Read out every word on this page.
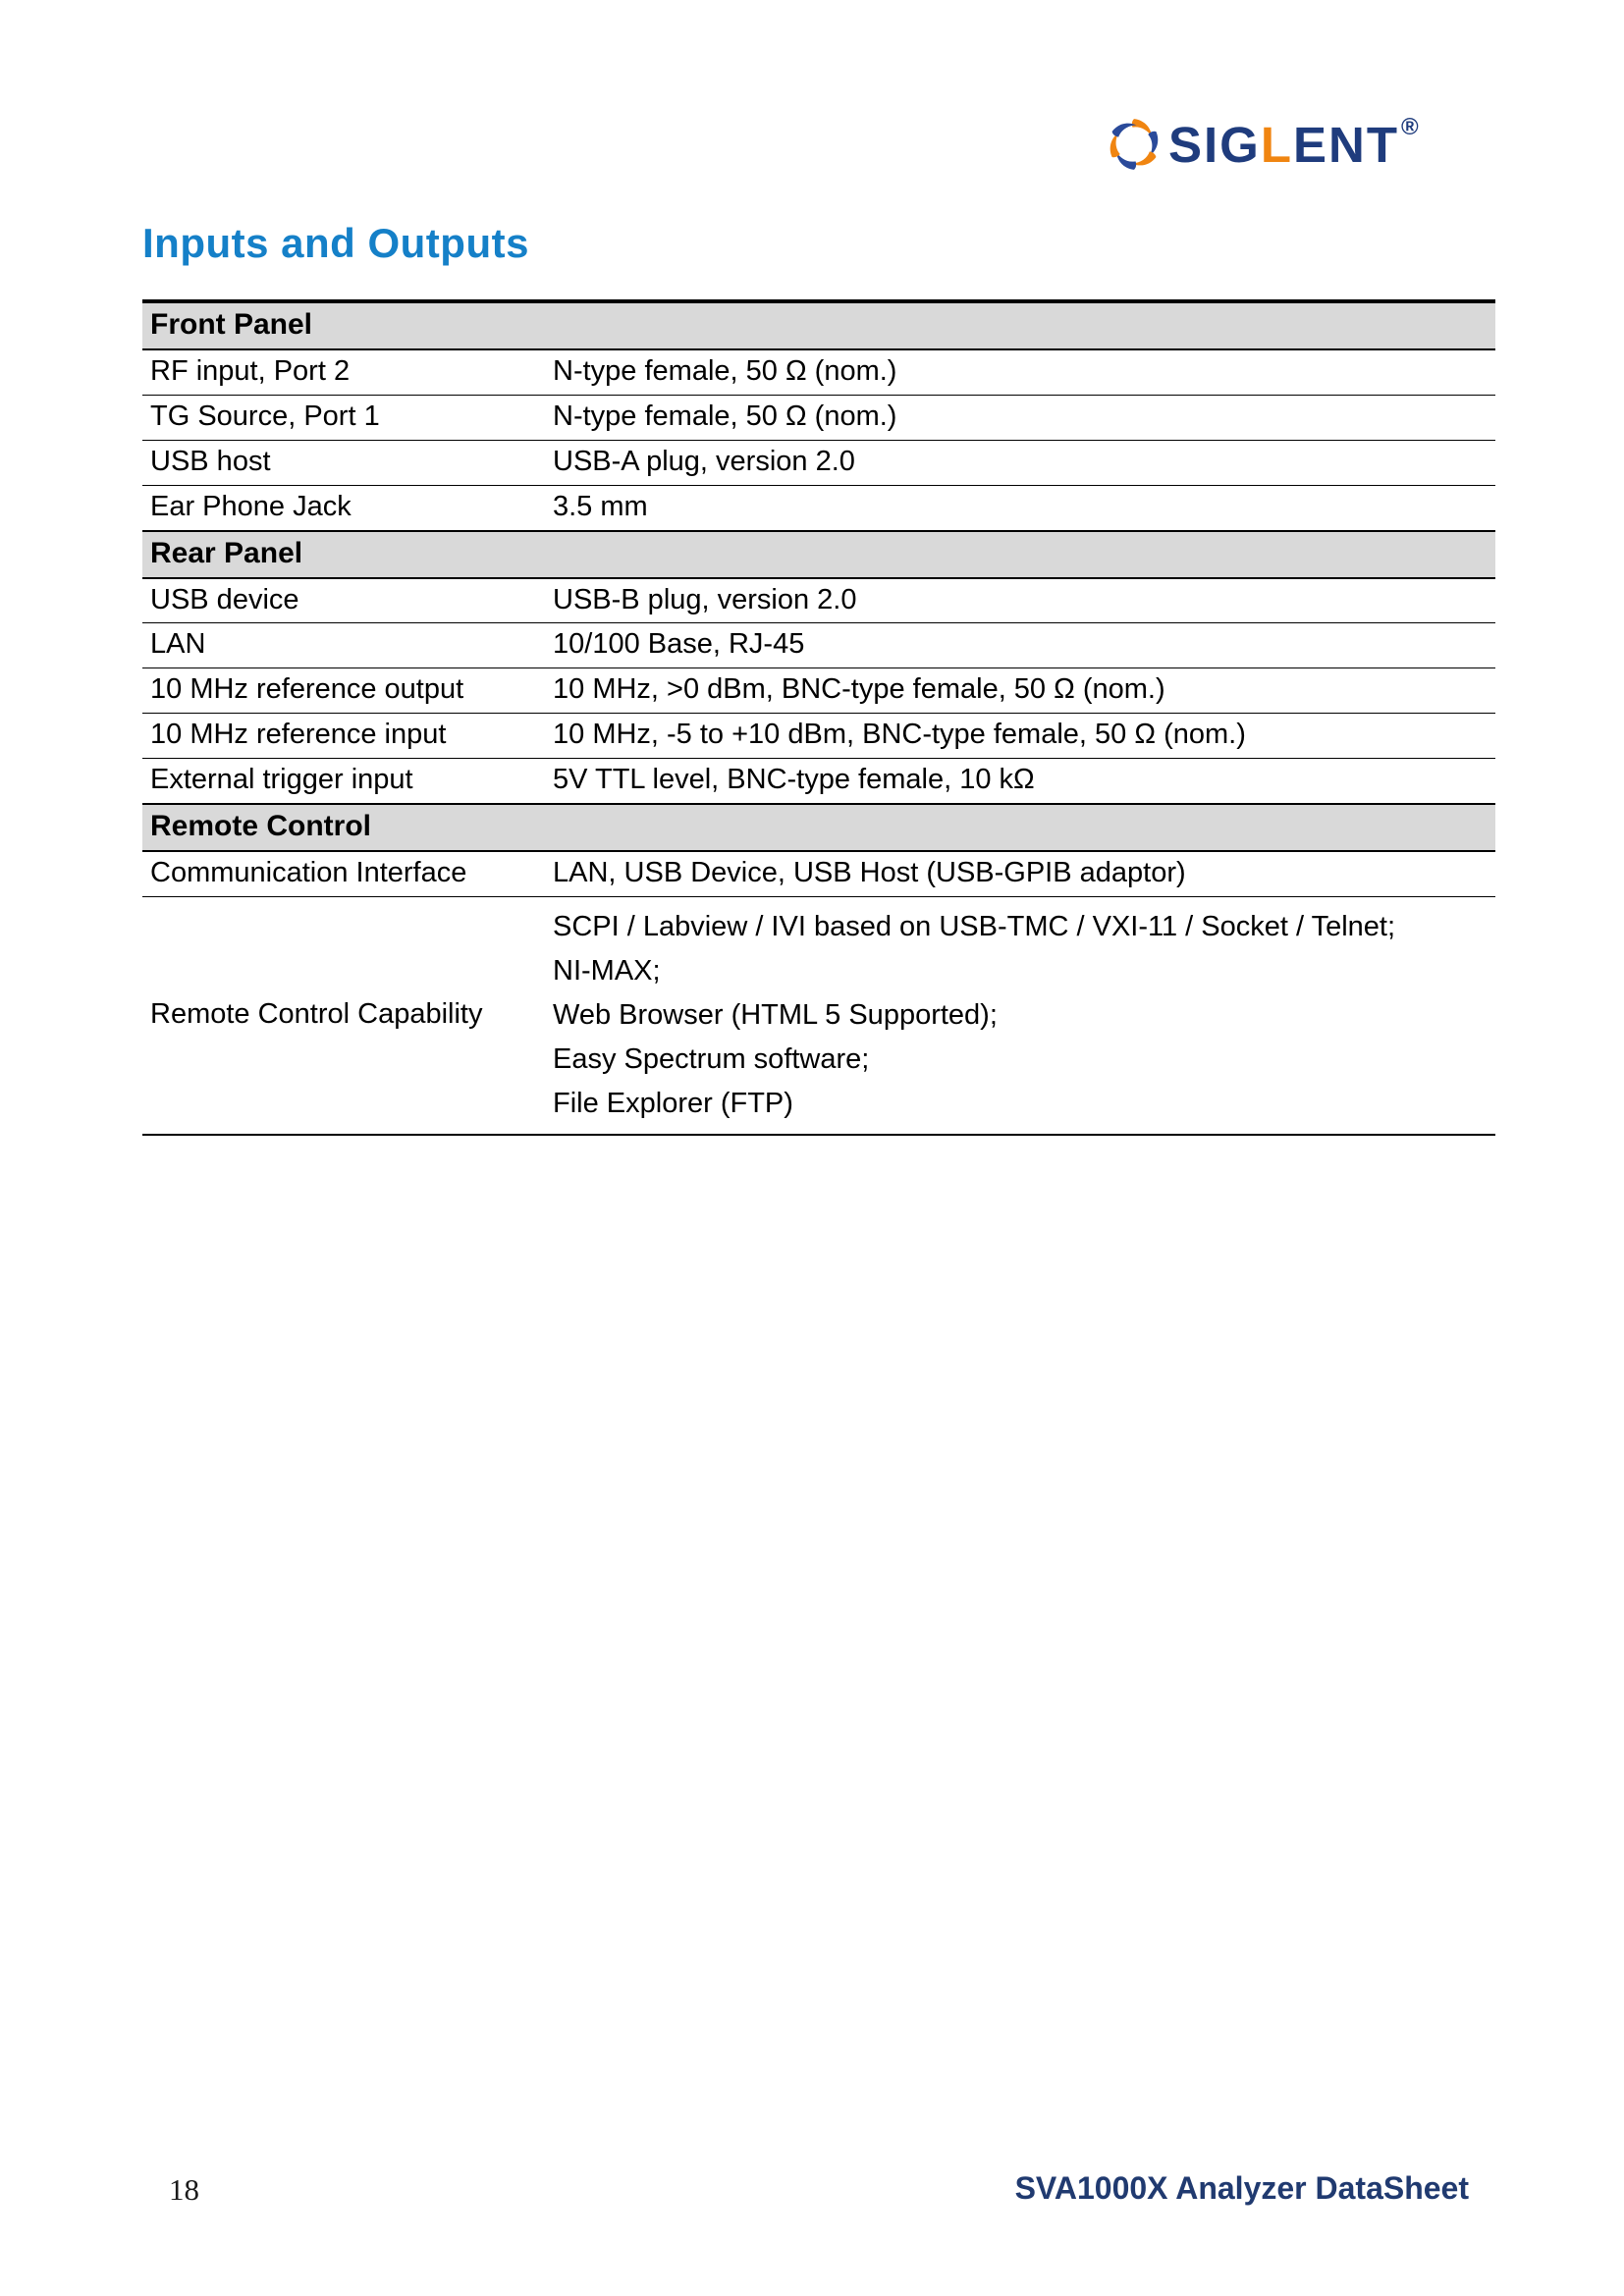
SIG L ENT ®
Inputs and Outputs
Front Panel	
RF input, Port 2	N-type female, 50 Ω (nom.)
TG Source, Port 1	N-type female, 50 Ω (nom.)
USB host	USB-A plug, version 2.0
Ear Phone Jack	3.5 mm
Rear Panel	
USB device	USB-B plug, version 2.0
LAN	10/100 Base, RJ-45
10 MHz reference output	10 MHz, >0 dBm, BNC-type female, 50 Ω (nom.)
10 MHz reference input	10 MHz, -5 to +10 dBm, BNC-type female, 50 Ω (nom.)
External trigger input	5V TTL level, BNC-type female, 10 kΩ
Remote Control	
Communication Interface	LAN, USB Device, USB Host (USB-GPIB adaptor)
Remote Control Capability	SCPI / Labview / IVI based on USB-TMC / VXI-11 / Socket / Telnet;
NI-MAX;
Web Browser (HTML 5 Supported);
Easy Spectrum software;
File Explorer (FTP)
18	SVA1000X Analyzer DataSheet
